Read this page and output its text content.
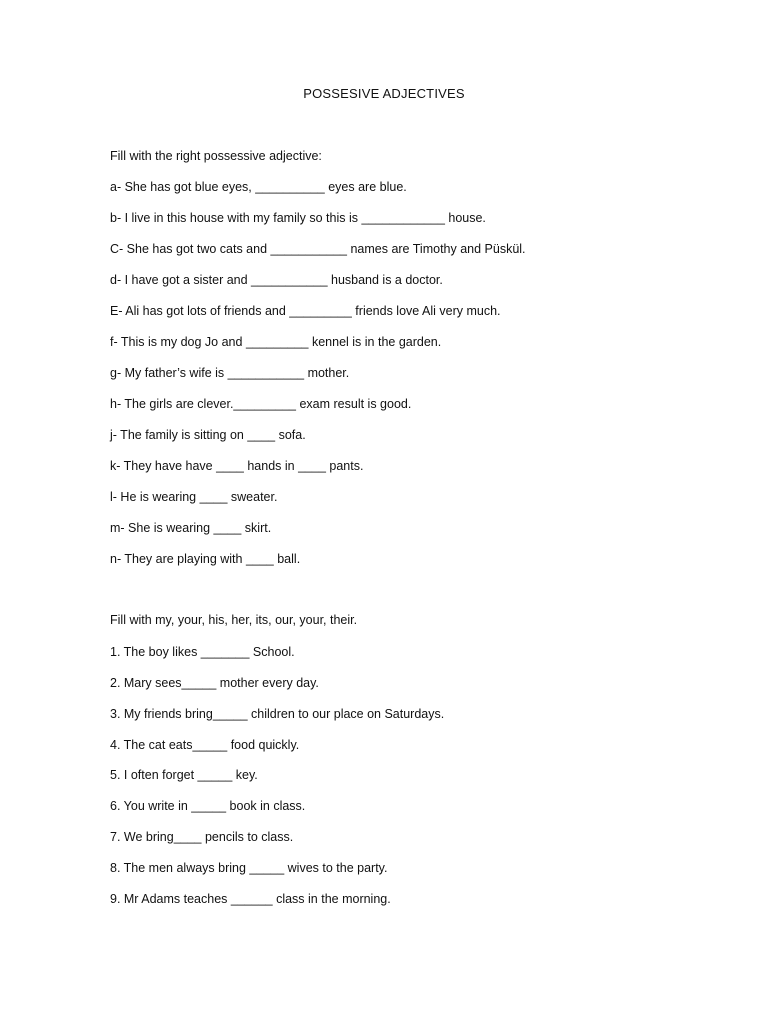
POSSESIVE ADJECTIVES
Fill with the right possessive adjective:
a- She has got blue eyes, __________ eyes are blue.
b- I live in this house with my family so this is ____________ house.
C- She has got two cats and ___________ names are Timothy and Püskül.
d- I have got a sister and ___________ husband is a doctor.
E- Ali has got lots of friends and _________ friends love Ali very much.
f- This is my dog Jo and _________ kennel is in the garden.
g- My father’s wife is ___________ mother.
h- The girls are clever._________ exam result is good.
j- The family is sitting on ____ sofa.
k- They have have ____ hands in ____ pants.
l- He is wearing ____ sweater.
m- She is wearing ____ skirt.
n- They are playing with ____ ball.
Fill with my, your, his, her, its, our, your, their.
1. The boy likes _______ School.
2. Mary sees_____ mother every day.
3. My friends bring_____ children to our place on Saturdays.
4. The cat eats_____ food quickly.
5. I often forget _____ key.
6. You write in _____ book in class.
7. We bring____ pencils to class.
8. The men always bring _____ wives to the party.
9. Mr Adams teaches ______ class in the morning.
